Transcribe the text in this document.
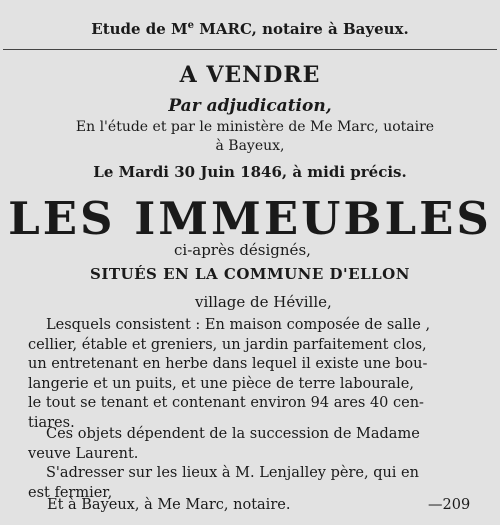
Etude de Me MARC, notaire à Bayeux.
A VENDRE
Par adjudication,
En l'étude et par le ministère de Me Marc, uotaire
à Bayeux,
Le Mardi 30 Juin 1846, à midi précis.
LES IMMEUBLES
ci-après désignés,
SITUÉS EN LA COMMUNE D'ELLON
village de Héville,
Lesquels consistent : En maison composée de salle ,
cellier, étable et greniers, un jardin parfaitement clos,
un entretenant en herbe dans lequel il existe une bou-
langerie et un puits, et une pièce de terre labourale,
le tout se tenant et contenant environ 94 ares 40 cen-
tiares.
Ces objets dépendent de la succession de Madame
veuve Laurent.
S'adresser sur les lieux à M. Lenjalley père, qui en
est fermier,
Et à Bayeux, à Me Marc, notaire.	—209
